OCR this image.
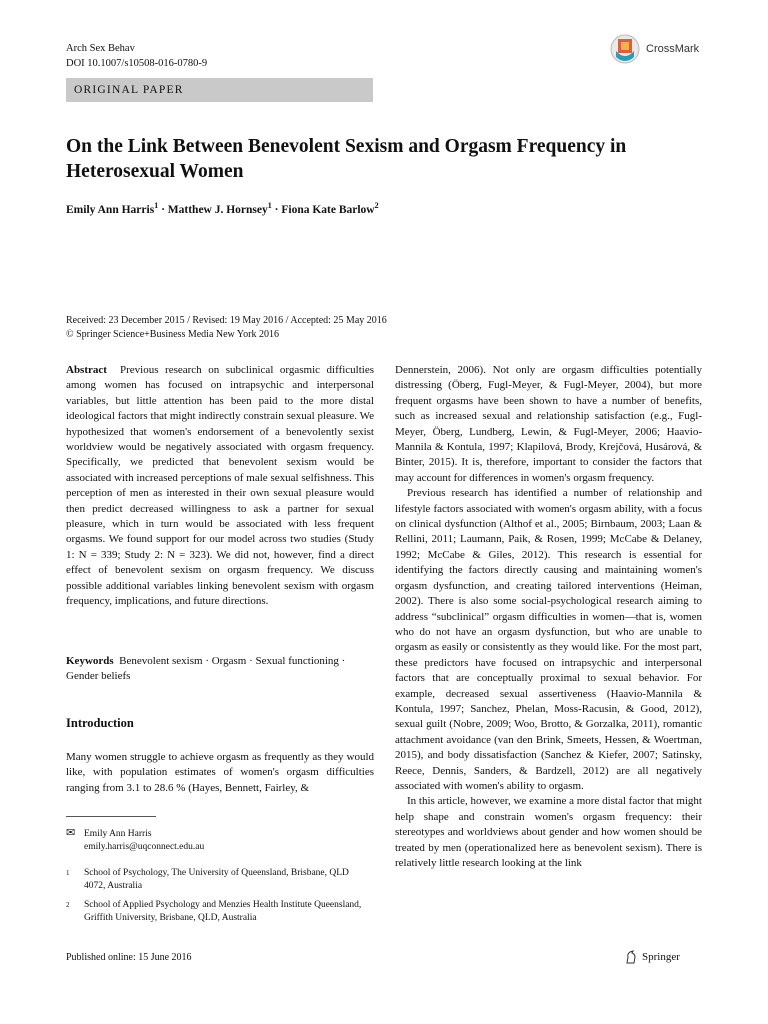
Arch Sex Behav
DOI 10.1007/s10508-016-0780-9
CrossMark
ORIGINAL PAPER
On the Link Between Benevolent Sexism and Orgasm Frequency in
Heterosexual Women
Emily Ann Harris$^1$ · Matthew J. Hornsey$^1$ · Fiona Kate Barlow$^2$
Received: 23 December 2015 / Revised: 19 May 2016 / Accepted: 25 May 2016
© Springer Science+Business Media New York 2016

Abstract Previous research on subclinical orgasmic difficulties among women has focused on intrapsychic and interpersonal variables, but little attention has been paid to the more distal ideological factors that might indirectly constrain sexual pleasure. We hypothesized that women's endorsement of a benevolently sexist worldview would be negatively associated with orgasm frequency. Specifically, we predicted that benevolent sexism would be associated with increased perceptions of male sexual selfishness. This perception of men as interested in their own sexual pleasure would then predict decreased willingness to ask a partner for sexual pleasure, which in turn would be associated with less frequent orgasms. We found support for our model across two studies (Study 1: N = 339; Study 2: N = 323). We did not, however, find a direct effect of benevolent sexism on orgasm frequency. We discuss possible additional variables linking benevolent sexism with orgasm frequency, implications, and future directions.

Keywords Benevolent sexism · Orgasm · Sexual functioning · Gender beliefs

Introduction

Many women struggle to achieve orgasm as frequently as they would like, with population estimates of women's orgasm difficulties ranging from 3.1 to 28.6 % (Hayes, Bennett, Fairley, &

✉ Emily Ann Harris
emily.harris@uqconnect.edu.au
1 School of Psychology, The University of Queensland, Brisbane, QLD 4072, Australia
2 School of Applied Psychology and Menzies Health Institute Queensland, Griffith University, Brisbane, QLD, Australia

Dennerstein, 2006). Not only are orgasm difficulties potentially distressing (Öberg, Fugl-Meyer, & Fugl-Meyer, 2004), but more frequent orgasms have been shown to have a number of benefits, such as increased sexual and relationship satisfaction (e.g., Fugl-Meyer, Öberg, Lundberg, Lewin, & Fugl-Meyer, 2006; Haavio-Mannila & Kontula, 1997; Klapilová, Brody, Krejčová, Husárová, & Binter, 2015). It is, therefore, important to consider the factors that may account for differences in women's orgasm frequency.

Previous research has identified a number of relationship and lifestyle factors associated with women's orgasm ability, with a focus on clinical dysfunction (Althof et al., 2005; Birnbaum, 2003; Laan & Rellini, 2011; Laumann, Paik, & Rosen, 1999; McCabe & Delaney, 1992; McCabe & Giles, 2012). This research is essential for identifying the factors directly causing and maintaining women's orgasm dysfunction, and creating tailored interventions (Heiman, 2002). There is also some social-psychological research aiming to address “subclinical” orgasm difficulties in women—that is, women who do not have an orgasm dysfunction, but who are unable to orgasm as easily or consistently as they would like. For the most part, these predictors have focused on intrapsychic and interpersonal factors that are conceptually proximal to sexual behavior. For example, decreased sexual assertiveness (Haavio-Mannila & Kontula, 1997; Sanchez, Phelan, Moss-Racusin, & Good, 2012), sexual guilt (Nobre, 2009; Woo, Brotto, & Gorzalka, 2011), romantic attachment avoidance (van den Brink, Smeets, Hessen, & Woertman, 2015), and body dissatisfaction (Sanchez & Kiefer, 2007; Satinsky, Reece, Dennis, Sanders, & Bardzell, 2012) are all negatively associated with women's ability to orgasm.

In this article, however, we examine a more distal factor that might help shape and constrain women's orgasm frequency: their stereotypes and worldviews about gender and how women should be treated by men (operationalized here as benevolent sexism). There is relatively little research looking at the link

Published online: 15 June 2016	Springer
